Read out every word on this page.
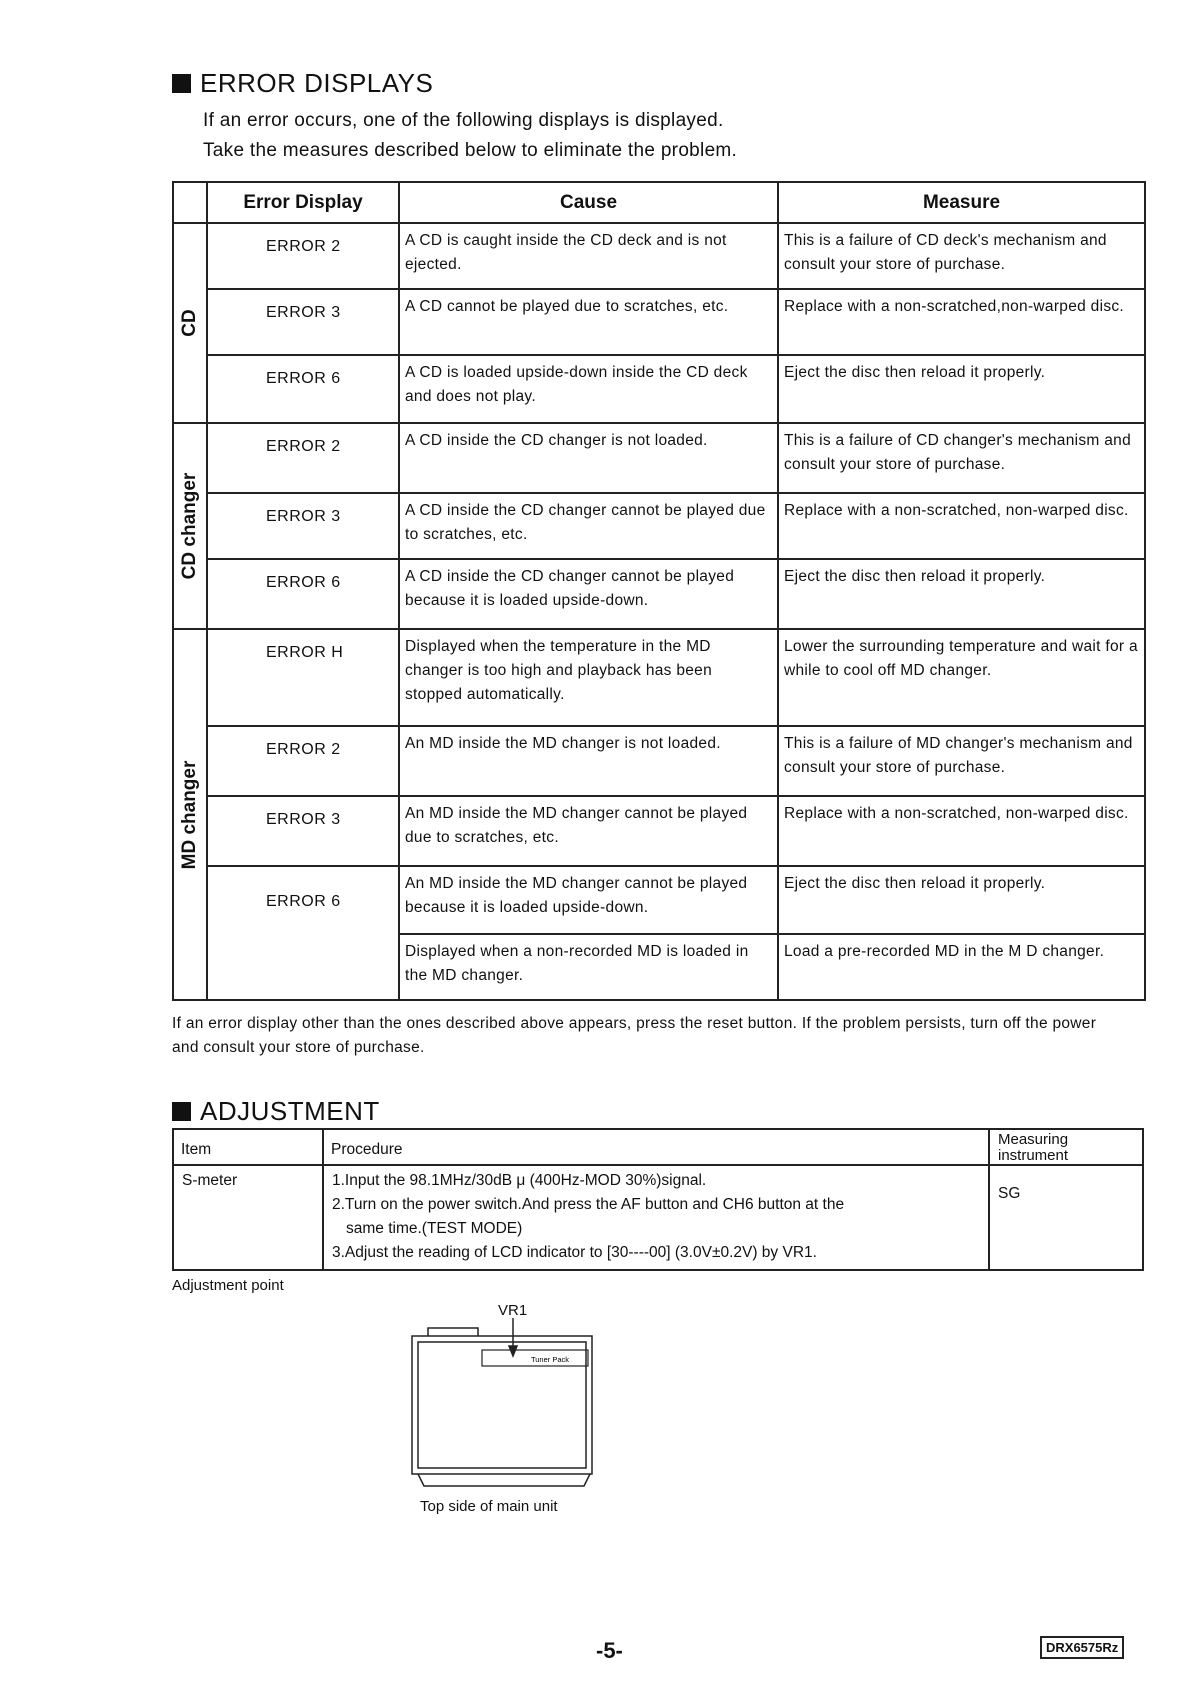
ERROR DISPLAYS
If an error occurs, one of the following displays is displayed.
Take the measures described below to eliminate the problem.
	Error Display	Cause	Measure

CD	ERROR 2	A CD is caught inside the CD deck and is not ejected.	This is a failure of CD deck's mechanism and consult your store of purchase.
	ERROR 3	A CD cannot be played due to scratches, etc.	Replace with a non-scratched,non-warped disc.
	ERROR 6	A CD is loaded upside-down inside the CD deck and does not play.	Eject the disc then reload it properly.

CD changer	ERROR 2	A CD inside the CD changer is not loaded.	This is a failure of CD changer's mechanism and consult your store of purchase.
	ERROR 3	A CD inside the CD changer cannot be played due to scratches, etc.	Replace with a non-scratched, non-warped disc.
	ERROR 6	A CD inside the CD changer cannot be played because it is loaded upside-down.	Eject the disc then reload it properly.

MD changer	ERROR H	Displayed when the temperature in the MD changer is too high and playback has been stopped automatically.	Lower the surrounding temperature and wait for a while to cool off MD changer.
	ERROR 2	An MD inside the MD changer is not loaded.	This is a failure of MD changer's mechanism and consult your store of purchase.
	ERROR 3	An MD inside the MD changer cannot be played due to scratches, etc.	Replace with a non-scratched, non-warped disc.
	ERROR 6	An MD inside the MD changer cannot be played because it is loaded upside-down.	Eject the disc then reload it properly.
		Displayed when a non-recorded MD is loaded in the MD changer.	Load a pre-recorded MD in the M D changer.
If an error display other than the ones described above appears, press the reset button. If the problem persists, turn off the power and consult your store of purchase.
ADJUSTMENT
Item	Procedure	Measuring instrument
S-meter	1.Input the 98.1MHz/30dB μ (400Hz-MOD 30%)signal.
2.Turn on the power switch.And press the AF button and CH6 button at the
same time.(TEST MODE)
3.Adjust the reading of LCD indicator to [30----00] (3.0V±0.2V) by VR1.	SG
Adjustment point
VR1
Tuner Pack
Top side of main unit
-5-	DRX6575Rz
